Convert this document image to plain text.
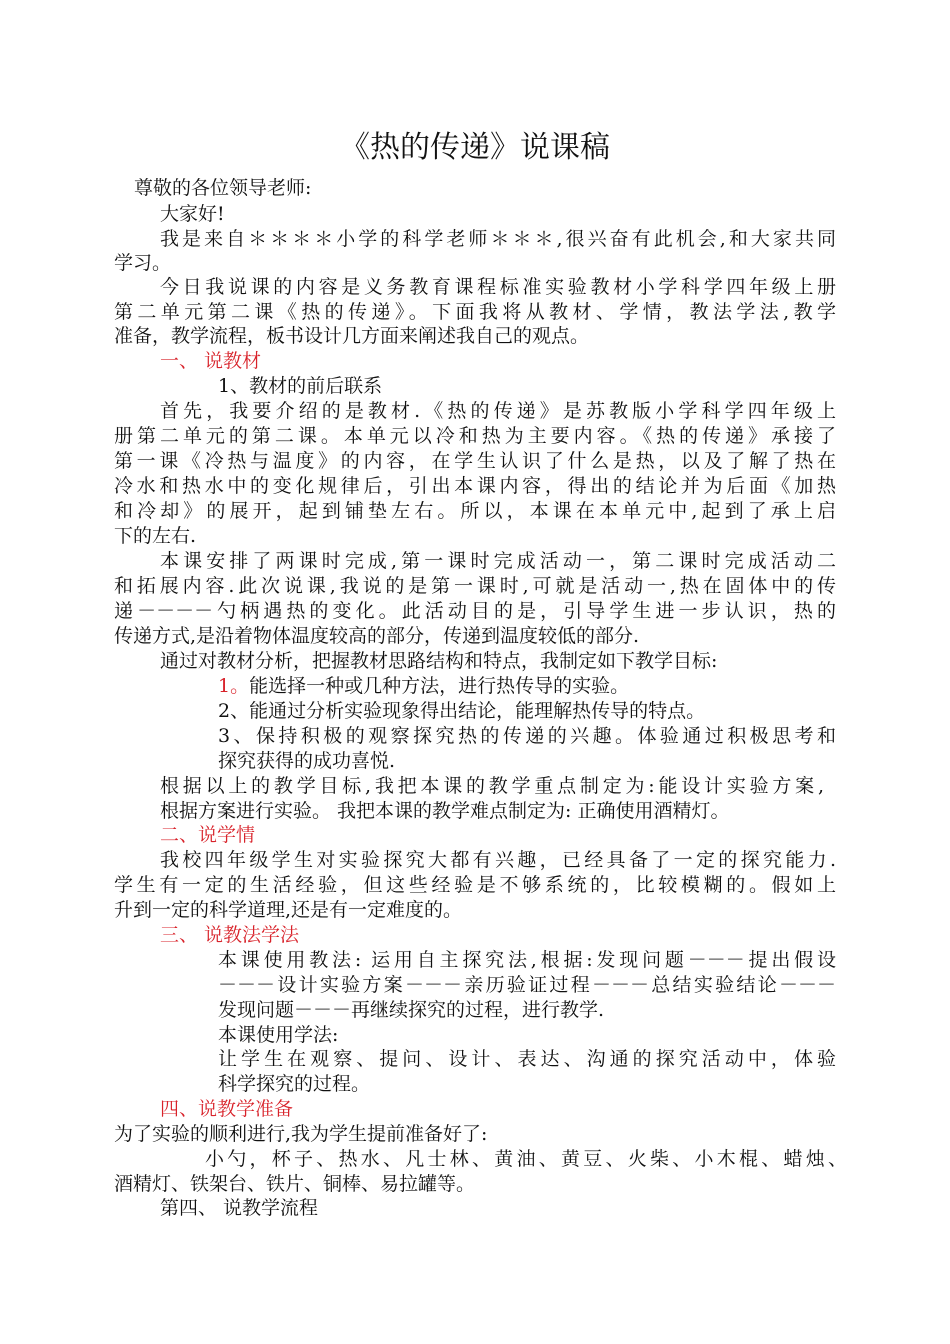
《热的传递》说课稿
尊敬的各位领导老师:
大家好!
我是来自＊＊＊＊小学的科学老师＊＊＊,很兴奋有此机会,和大家共同
学习。
今日我说课的内容是义务教育课程标准实验教材小学科学四年级上册
第二单元第二课《热的传递》。下面我将从教材、学情，教法学法,教学
准备，教学流程，板书设计几方面来阐述我自己的观点。
一、 说教材
1、教材的前后联系
首先，我要介绍的是教材.《热的传递》是苏教版小学科学四年级上
册第二单元的第二课。本单元以冷和热为主要内容。《热的传递》承接了
第一课《冷热与温度》的内容，在学生认识了什么是热，以及了解了热在
冷水和热水中的变化规律后，引出本课内容，得出的结论并为后面《加热
和冷却》的展开，起到铺垫左右。所以，本课在本单元中,起到了承上启
下的左右.
本课安排了两课时完成,第一课时完成活动一，第二课时完成活动二
和拓展内容.此次说课,我说的是第一课时,可就是活动一,热在固体中的传
递－－－－勺柄遇热的变化。此活动目的是，引导学生进一步认识，热的
传递方式,是沿着物体温度较高的部分，传递到温度较低的部分.
通过对教材分析，把握教材思路结构和特点，我制定如下教学目标:
1。能选择一种或几种方法，进行热传导的实验。
2、能通过分析实验现象得出结论，能理解热传导的特点。
3、保持积极的观察探究热的传递的兴趣。体验通过积极思考和
探究获得的成功喜悦.
根据以上的教学目标,我把本课的教学重点制定为:能设计实验方案,
根据方案进行实验。 我把本课的教学难点制定为: 正确使用酒精灯。
二、说学情
我校四年级学生对实验探究大都有兴趣，已经具备了一定的探究能力.
学生有一定的生活经验，但这些经验是不够系统的，比较模糊的。假如上
升到一定的科学道理,还是有一定难度的。
三、 说教法学法
本课使用教法: 运用自主探究法,根据:发现问题－－－提出假设
－－－设计实验方案－－－亲历验证过程－－－总结实验结论－－－
发现问题－－－再继续探究的过程，进行教学.
本课使用学法:
让学生在观察、提问、设计、表达、沟通的探究活动中，体验
科学探究的过程。
四、说教学准备
为了实验的顺利进行,我为学生提前准备好了:
小勺，杯子、热水、凡士林、黄油、黄豆、火柴、小木棍、蜡烛、
酒精灯、铁架台、铁片、铜棒、易拉罐等。
第四、 说教学流程
